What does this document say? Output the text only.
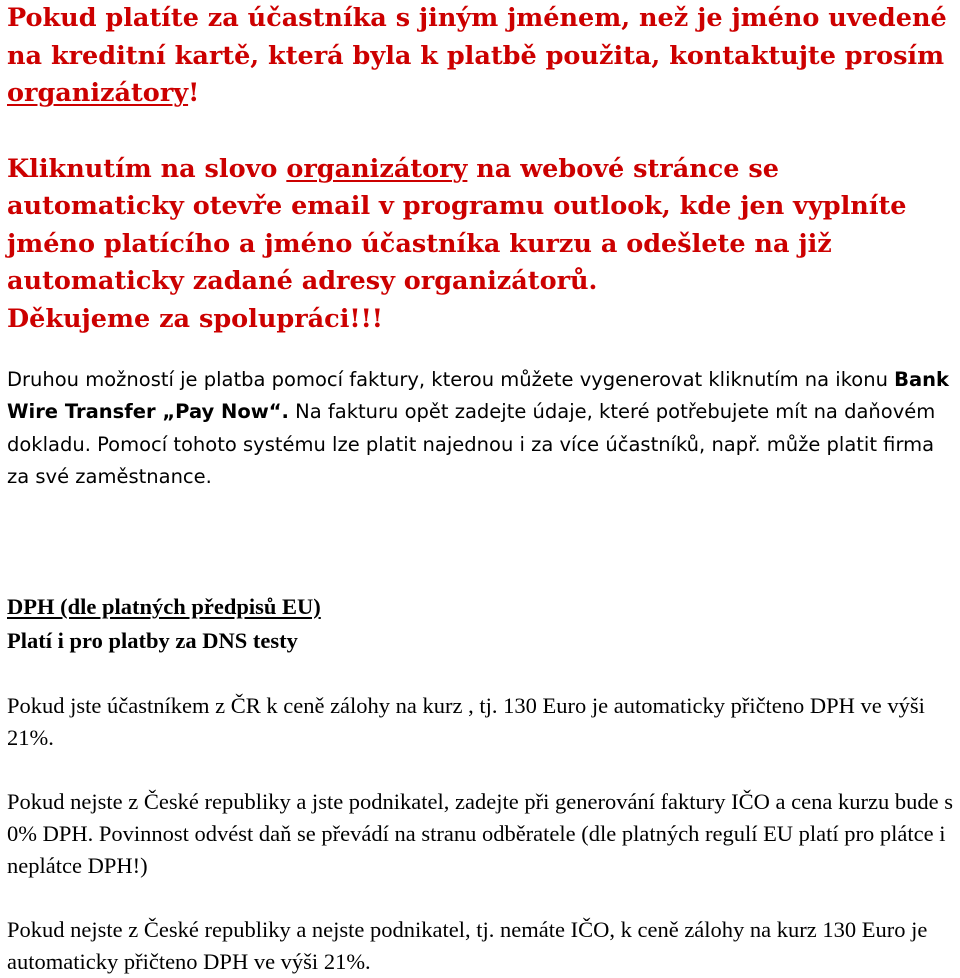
Pokud platíte za účastníka s jiným jménem, než je jméno uvedené na kreditní kartě, která byla k platbě použita, kontaktujte prosím organizátory!

Kliknutím na slovo organizátory na webové stránce se automaticky otevře email v programu outlook, kde jen vyplníte jméno platícího a jméno účastníka kurzu a odešlete na již automaticky zadané adresy organizátorů.

Děkujeme za spolupráci!!!

Druhou možností je platba pomocí faktury, kterou můžete vygenerovat kliknutím na ikonu Bank Wire Transfer „Pay Now“. Na fakturu opět zadejte údaje, které potřebujete mít na daňovém dokladu. Pomocí tohoto systému lze platit najednou i za více účastníků, např. může platit firma za své zaměstnance.

DPH (dle platných předpisů EU)
Platí i pro platby za DNS testy

Pokud jste účastníkem z ČR k ceně zálohy na kurz , tj. 130 Euro je automaticky přičteno DPH ve výši 21%.

Pokud nejste z České republiky a jste podnikatel, zadejte při generování faktury IČO a cena kurzu bude s 0% DPH. Povinnost odvést daň se převádí na stranu odběratele (dle platných regulí EU platí pro plátce i neplátce DPH!)

Pokud nejste z České republiky a nejste podnikatel, tj. nemáte IČO, k ceně zálohy na kurz 130 Euro je automaticky přičteno DPH ve výši 21%.
